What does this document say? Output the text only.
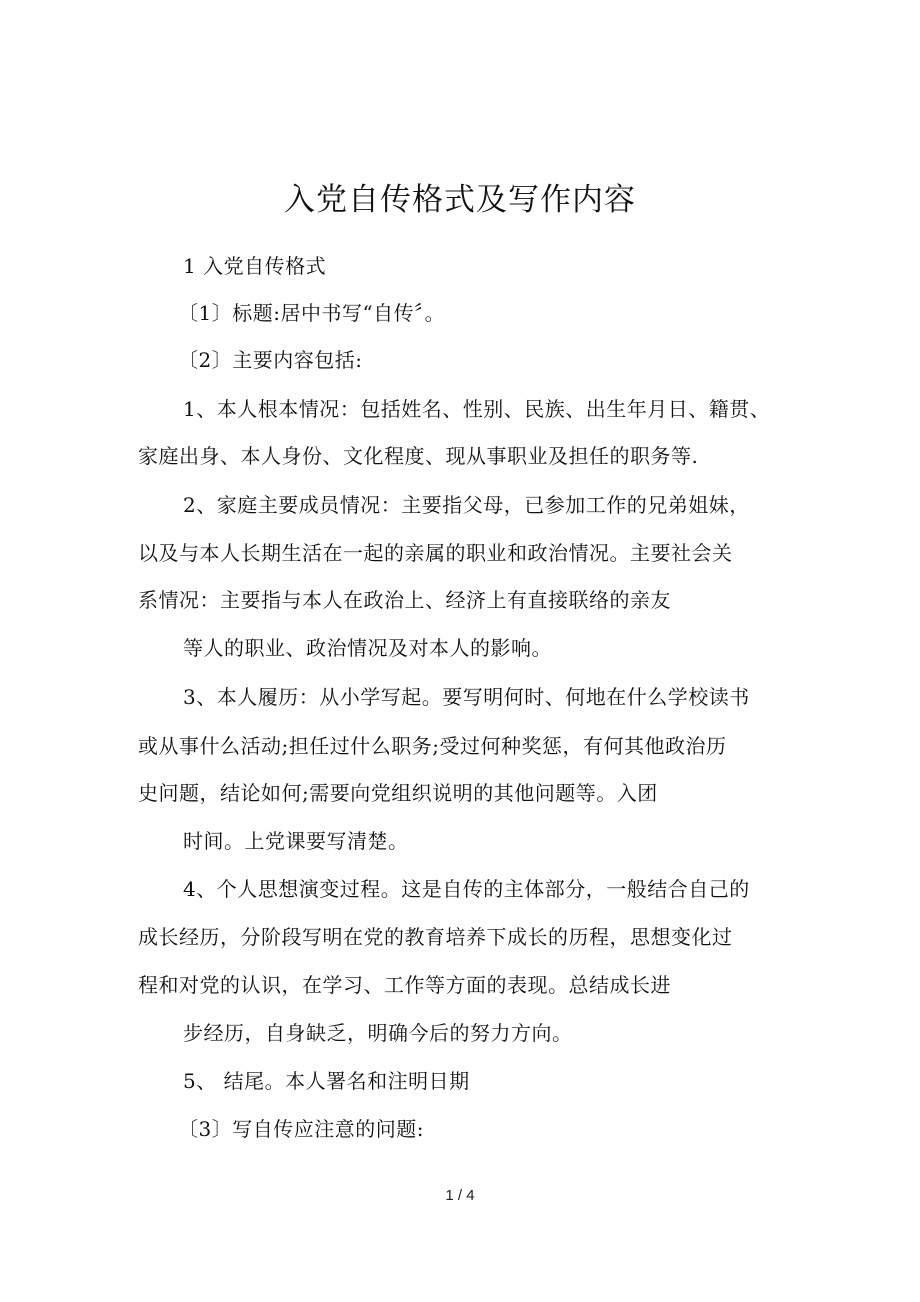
入党自传格式及写作内容
1 入党自传格式
〔1〕标题:居中书写“自传〞。
〔2〕主要内容包括:
1、本人根本情况：包括姓名、性别、民族、出生年月日、籍贯、
家庭出身、本人身份、文化程度、现从事职业及担任的职务等.
2、家庭主要成员情况：主要指父母，已参加工作的兄弟姐妹，
以及与本人长期生活在一起的亲属的职业和政治情况。主要社会关
系情况：主要指与本人在政治上、经济上有直接联络的亲友
等人的职业、政治情况及对本人的影响。
3、本人履历：从小学写起。要写明何时、何地在什么学校读书
或从事什么活动;担任过什么职务;受过何种奖惩，有何其他政治历
史问题，结论如何;需要向党组织说明的其他问题等。入团
时间。上党课要写清楚。
4、个人思想演变过程。这是自传的主体部分，一般结合自己的
成长经历，分阶段写明在党的教育培养下成长的历程，思想变化过
程和对党的认识，在学习、工作等方面的表现。总结成长进
步经历，自身缺乏，明确今后的努力方向。
5、 结尾。本人署名和注明日期
〔3〕写自传应注意的问题:
1 / 4
